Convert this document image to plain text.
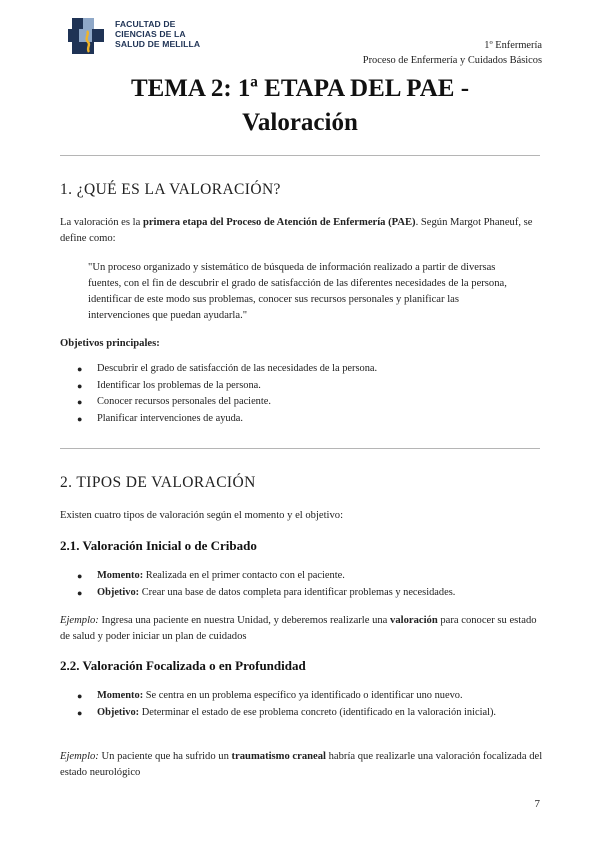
FACULTAD DE
CIENCIAS DE LA
SALUD DE MELILLA	1º Enfermería
Proceso de Enfermería y Cuidados Básicos
TEMA 2: 1ª ETAPA DEL PAE -
Valoración
1. ¿QUÉ ES LA VALORACIÓN?
La valoración es la primera etapa del Proceso de Atención de Enfermería (PAE). Según Margot Phaneuf, se define como:
"Un proceso organizado y sistemático de búsqueda de información realizado a partir de diversas fuentes, con el fin de descubrir el grado de satisfacción de las diferentes necesidades de la persona, identificar de este modo sus problemas, conocer sus recursos personales y planificar las intervenciones que puedan ayudarla."
Objetivos principales:
● Descubrir el grado de satisfacción de las necesidades de la persona.
● Identificar los problemas de la persona.
● Conocer recursos personales del paciente.
● Planificar intervenciones de ayuda.
2. TIPOS DE VALORACIÓN
Existen cuatro tipos de valoración según el momento y el objetivo:
2.1. Valoración Inicial o de Cribado
● Momento: Realizada en el primer contacto con el paciente.
● Objetivo: Crear una base de datos completa para identificar problemas y necesidades.
Ejemplo: Ingresa una paciente en nuestra Unidad, y deberemos realizarle una valoración para conocer su estado de salud y poder iniciar un plan de cuidados
2.2. Valoración Focalizada o en Profundidad
● Momento: Se centra en un problema específico ya identificado o identificar uno nuevo.
● Objetivo: Determinar el estado de ese problema concreto (identificado en la valoración inicial).
Ejemplo: Un paciente que ha sufrido un traumatismo craneal habría que realizarle una valoración focalizada del estado neurológico
7
